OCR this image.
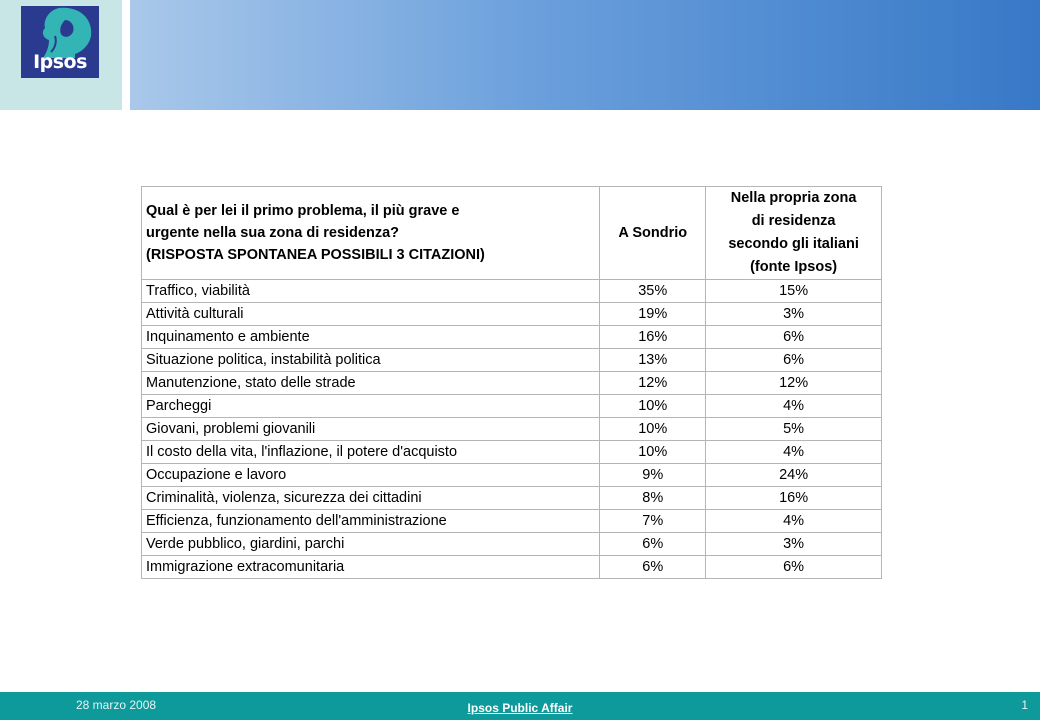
Ipsos
Qual è per lei il primo problema, il più grave e
urgente nella sua zona di residenza?
(RISPOSTA SPONTANEA POSSIBILI 3 CITAZIONI)	A Sondrio	Nella propria zona
di residenza
secondo gli italiani
(fonte Ipsos)
Traffico, viabilità	35%	15%
Attività culturali	19%	3%
Inquinamento e ambiente	16%	6%
Situazione politica, instabilità politica	13%	6%
Manutenzione, stato delle strade	12%	12%
Parcheggi	10%	4%
Giovani, problemi giovanili	10%	5%
Il costo della vita, l'inflazione, il potere d'acquisto	10%	4%
Occupazione e lavoro	9%	24%
Criminalità, violenza, sicurezza dei cittadini	8%	16%
Efficienza, funzionamento dell'amministrazione	7%	4%
Verde pubblico, giardini, parchi	6%	3%
Immigrazione extracomunitaria	6%	6%
28 marzo 2008	Ipsos Public Affair	1
